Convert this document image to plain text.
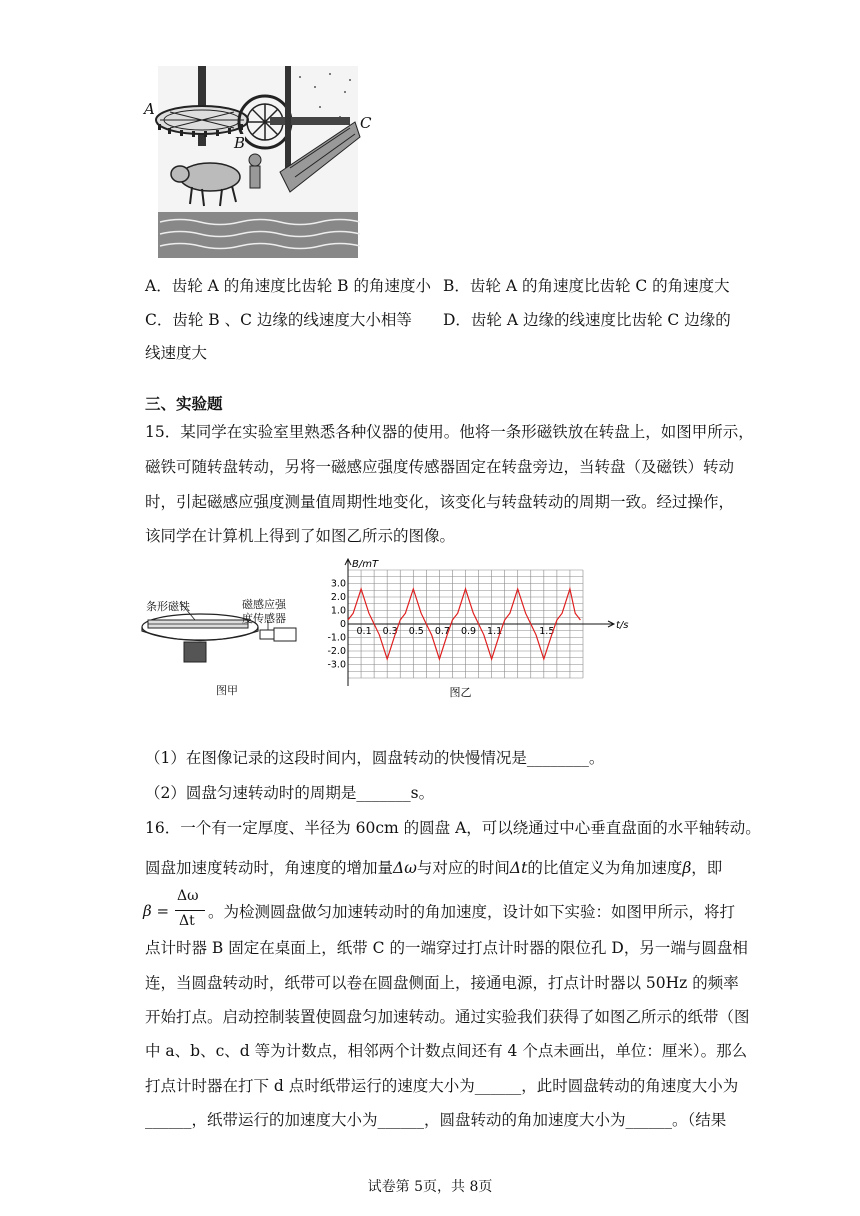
A
B
C
A．齿轮 A 的角速度比齿轮 B 的角速度小 B．齿轮 A 的角速度比齿轮 C 的角速度大
C．齿轮 B 、C 边缘的线速度大小相等 D．齿轮 A 边缘的线速度比齿轮 C 边缘的
线速度大
三、实验题
15．某同学在实验室里熟悉各种仪器的使用。他将一条形磁铁放在转盘上，如图甲所示，
磁铁可随转盘转动，另将一磁感应强度传感器固定在转盘旁边，当转盘（及磁铁）转动
时，引起磁感应强度测量值周期性地变化，该变化与转盘转动的周期一致。经过操作，
该同学在计算机上得到了如图乙所示的图像。
条形磁铁	磁感应强
度传感器
图甲
B/mT
t/s
3.0
2.0
1.0
0
-1.0
-2.0
-3.0
0.1 0.3 0.5 0.7 0.9 1.1	1.5
图乙
（1）在图像记录的这段时间内，圆盘转动的快慢情况是________。
（2）圆盘匀速转动时的周期是_______s。
16．一个有一定厚度、半径为 60cm 的圆盘 A，可以绕通过中心垂直盘面的水平轴转动。
圆盘加速度转动时，角速度的增加量Δω与对应的时间Δt的比值定义为角加速度β，即
β =
Δω
Δt 。为检测圆盘做匀加速转动时的角加速度，设计如下实验：如图甲所示，将打
点计时器 B 固定在桌面上，纸带 C 的一端穿过打点计时器的限位孔 D，另一端与圆盘相
连，当圆盘转动时，纸带可以卷在圆盘侧面上，接通电源，打点计时器以 50Hz 的频率
开始打点。启动控制装置使圆盘匀加速转动。通过实验我们获得了如图乙所示的纸带（图
中 a、b、c、d 等为计数点，相邻两个计数点间还有 4 个点未画出，单位：厘米）。那么
打点计时器在打下 d 点时纸带运行的速度大小为______，此时圆盘转动的角速度大小为
______，纸带运行的加速度大小为______，圆盘转动的角加速度大小为______。（结果
试卷第 5页，共 8页
